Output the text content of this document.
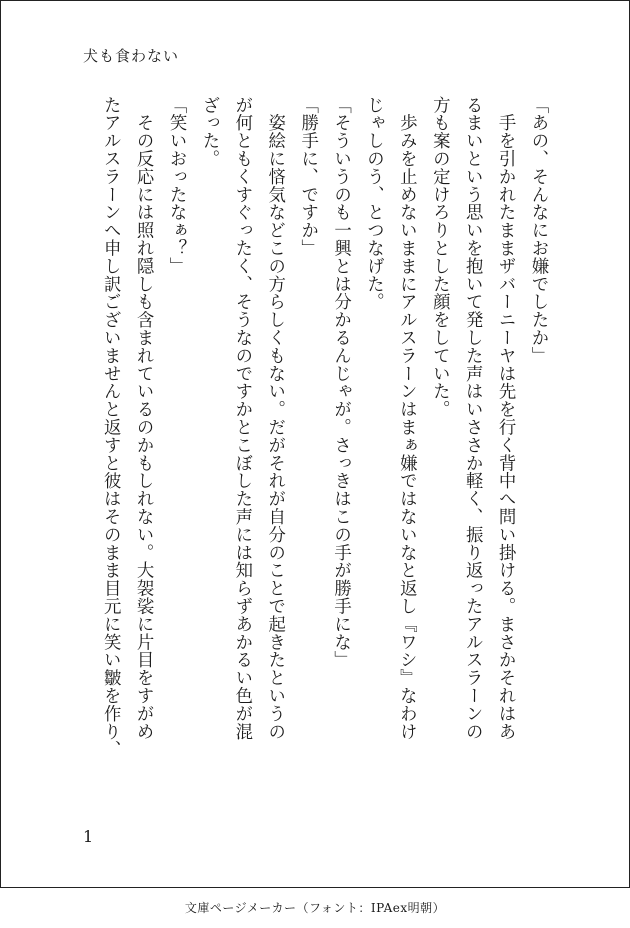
犬も食わない

「あの、そんなにお嫌でしたか」

　手を引かれたままザバーニーヤは先を行く背中へ問い掛ける。まさかそれはあ

るまいという思いを抱いて発した声はいささか軽く、振り返ったアルスラーンの

方も案の定けろりとした顔をしていた。

　歩みを止めないままにアルスラーンはまぁ嫌ではないなと返し『ワシ』なわけ

じゃしのう、とつなげた。

「そういうのも一興とは分かるんじゃが。さっきはこの手が勝手にな」

「勝手に、ですか」

　姿絵に悋気などこの方らしくもない。だがそれが自分のことで起きたというの

が何ともくすぐったく、そうなのですかとこぼした声には知らずあかるい色が混

ざった。

「笑いおったなぁ？」

　その反応には照れ隠しも含まれているのかもしれない。大袈裟に片目をすがめ

たアルスラーンへ申し訳ございませんと返すと彼はそのまま目元に笑い皺を作り、

1
文庫ページメーカー（フォント：IPAex明朝）
